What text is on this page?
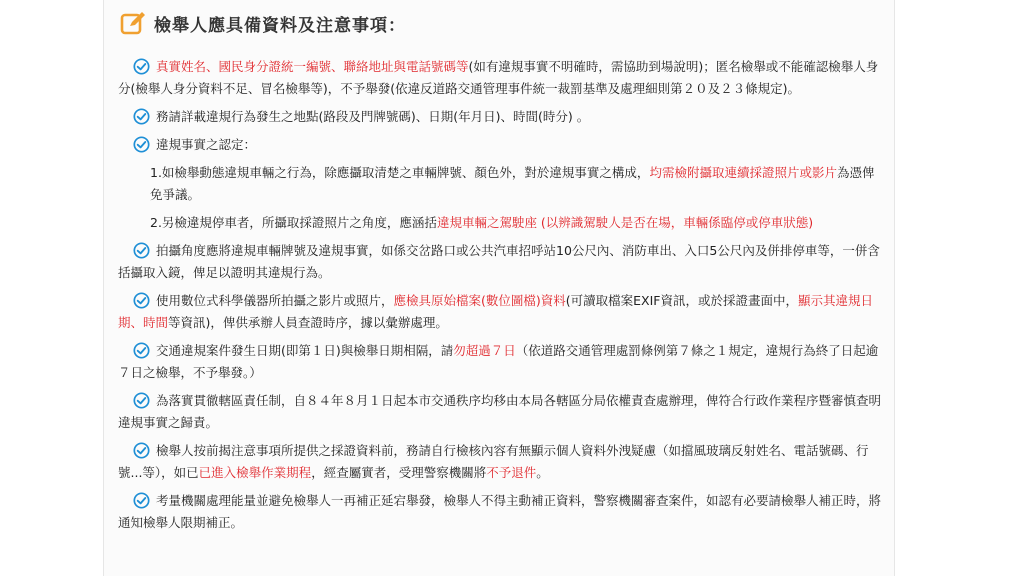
檢舉人應具備資料及注意事項：
真實姓名、國民身分證統一編號、聯絡地址與電話號碼等(如有違規事實不明確時，需協助到場說明)；匿名檢舉或不能確認檢舉人身分(檢舉人身分資料不足、冒名檢舉等)，不予舉發(依違反道路交通管理事件統一裁罰基準及處理細則第２０及２３條規定)。
務請詳載違規行為發生之地點(路段及門牌號碼)、日期(年月日)、時間(時分) 。
違規事實之認定：
1.如檢舉動態違規車輛之行為，除應攝取清楚之車輛牌號、顏色外，對於違規事實之構成，均需檢附攝取連續採證照片或影片為憑俾免爭議。
2.另檢違規停車者，所攝取採證照片之角度，應涵括違規車輛之駕駛座 (以辨識駕駛人是否在場，車輛係臨停或停車狀態)
拍攝角度應將違規車輛牌號及違規事實，如係交岔路口或公共汽車招呼站10公尺內、消防車出、入口5公尺內及併排停車等，一併含括攝取入鏡，俾足以證明其違規行為。
使用數位式科學儀器所拍攝之影片或照片，應檢具原始檔案(數位圖檔)資料(可讀取檔案EXIF資訊，或於採證畫面中，顯示其違規日期、時間等資訊)，俾供承辦人員查證時序，據以彙辦處理。
交通違規案件發生日期(即第１日)與檢舉日期相隔，請勿超過７日（依道路交通管理處罰條例第７條之１規定，違規行為終了日起逾７日之檢舉，不予舉發。）
為落實貫徹轄區責任制，自８４年８月１日起本市交通秩序均移由本局各轄區分局依權責查處辦理，俾符合行政作業程序暨審慎查明違規事實之歸責。
檢舉人按前揭注意事項所提供之採證資料前，務請自行檢核內容有無顯示個人資料外洩疑慮（如擋風玻璃反射姓名、電話號碼、行號...等），如已已進入檢舉作業期程，經查屬實者，受理警察機關將不予退件。
考量機關處理能量並避免檢舉人一再補正延宕舉發，檢舉人不得主動補正資料，警察機關審查案件，如認有必要請檢舉人補正時，將通知檢舉人限期補正。
